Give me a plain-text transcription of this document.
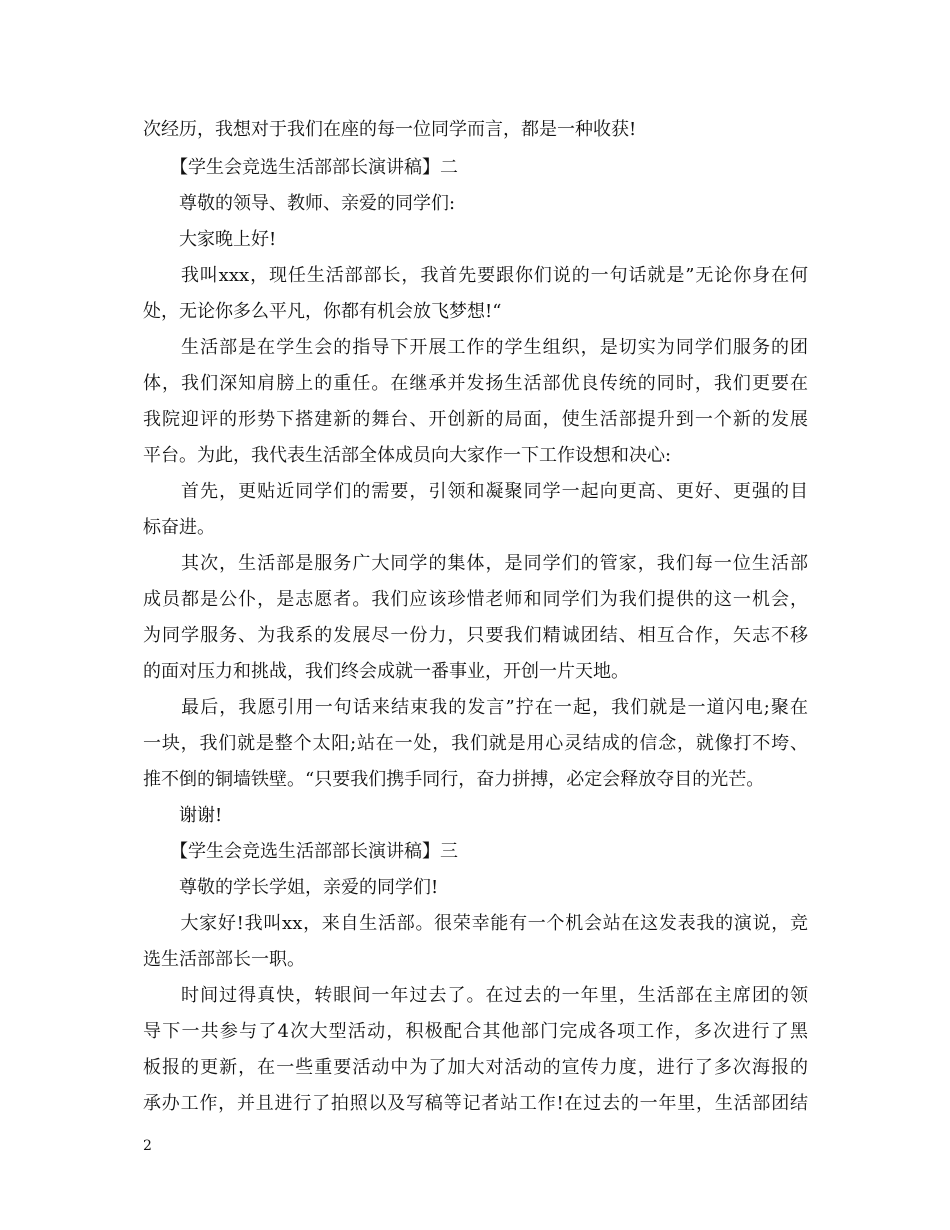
次经历，我想对于我们在座的每一位同学而言，都是一种收获!
　　【学生会竞选生活部部长演讲稿】二
　　尊敬的领导、教师、亲爱的同学们:
　　大家晚上好!
　　我叫xxx，现任生活部部长，我首先要跟你们说的一句话就是”无论你身在何
处，无论你多么平凡，你都有机会放飞梦想!“
　　生活部是在学生会的指导下开展工作的学生组织，是切实为同学们服务的团
体，我们深知肩膀上的重任。在继承并发扬生活部优良传统的同时，我们更要在
我院迎评的形势下搭建新的舞台、开创新的局面，使生活部提升到一个新的发展
平台。为此，我代表生活部全体成员向大家作一下工作设想和决心:
　　首先，更贴近同学们的需要，引领和凝聚同学一起向更高、更好、更强的目
标奋进。
　　其次，生活部是服务广大同学的集体，是同学们的管家，我们每一位生活部
成员都是公仆，是志愿者。我们应该珍惜老师和同学们为我们提供的这一机会，
为同学服务、为我系的发展尽一份力，只要我们精诚团结、相互合作，矢志不移
的面对压力和挑战，我们终会成就一番事业，开创一片天地。
　　最后，我愿引用一句话来结束我的发言”拧在一起，我们就是一道闪电;聚在
一块，我们就是整个太阳;站在一处，我们就是用心灵结成的信念，就像打不垮、
推不倒的铜墙铁壁。“只要我们携手同行，奋力拼搏，必定会释放夺目的光芒。
　　谢谢!
　　【学生会竞选生活部部长演讲稿】三
　　尊敬的学长学姐，亲爱的同学们!
　　大家好!我叫xx，来自生活部。很荣幸能有一个机会站在这发表我的演说，竞
选生活部部长一职。
　　时间过得真快，转眼间一年过去了。在过去的一年里，生活部在主席团的领
导下一共参与了4次大型活动，积极配合其他部门完成各项工作，多次进行了黑
板报的更新，在一些重要活动中为了加大对活动的宣传力度，进行了多次海报的
承办工作，并且进行了拍照以及写稿等记者站工作!在过去的一年里，生活部团结
2
